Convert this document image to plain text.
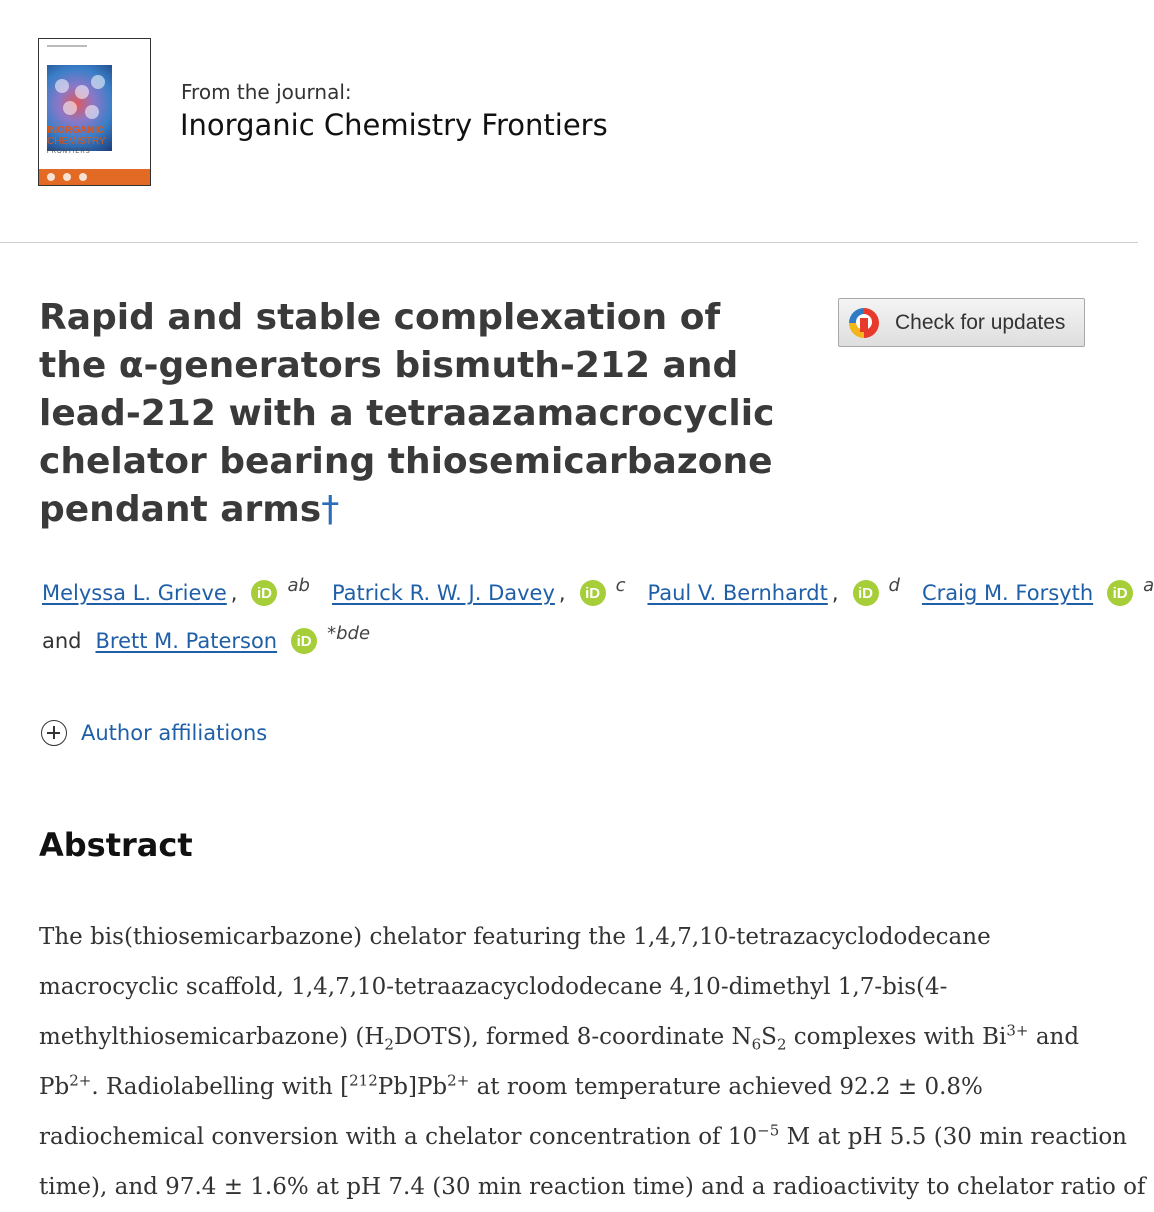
INORGANIC
CHEMISTRY
FRONTIERS
From the journal:
Inorganic Chemistry Frontiers
Rapid and stable complexation of the α-generators bismuth-212 and lead-212 with a tetraazamacrocyclic chelator bearing thiosemicarbazone pendant arms†
Check for updates
Melyssa L. Grieve ,	iD ab Patrick R. W. J. Davey ,	iD c Paul V. Bernhardt ,	iD d Craig M. Forsyth	iD a
and Brett M. Paterson	iD *bde
Author affiliations
Abstract
The bis(thiosemicarbazone) chelator featuring the 1,4,7,10-tetrazacyclododecane
macrocyclic scaffold, 1,4,7,10-tetraazacyclododecane 4,10-dimethyl 1,7-bis(4-
methylthiosemicarbazone) $(H_2DOTS)$, formed 8-coordinate $N_6S_2$ complexes with $Bi^{3+}$ and
$Pb^{2+}$. Radiolabelling with $[^{212}Pb]Pb^{2+}$ at room temperature achieved 92.2 ± 0.8%
radiochemical conversion with a chelator concentration of $10^{-5}$ M at pH 5.5 (30 min reaction
time), and 97.4 ± 1.6% at pH 7.4 (30 min reaction time) and a radioactivity to chelator ratio of
